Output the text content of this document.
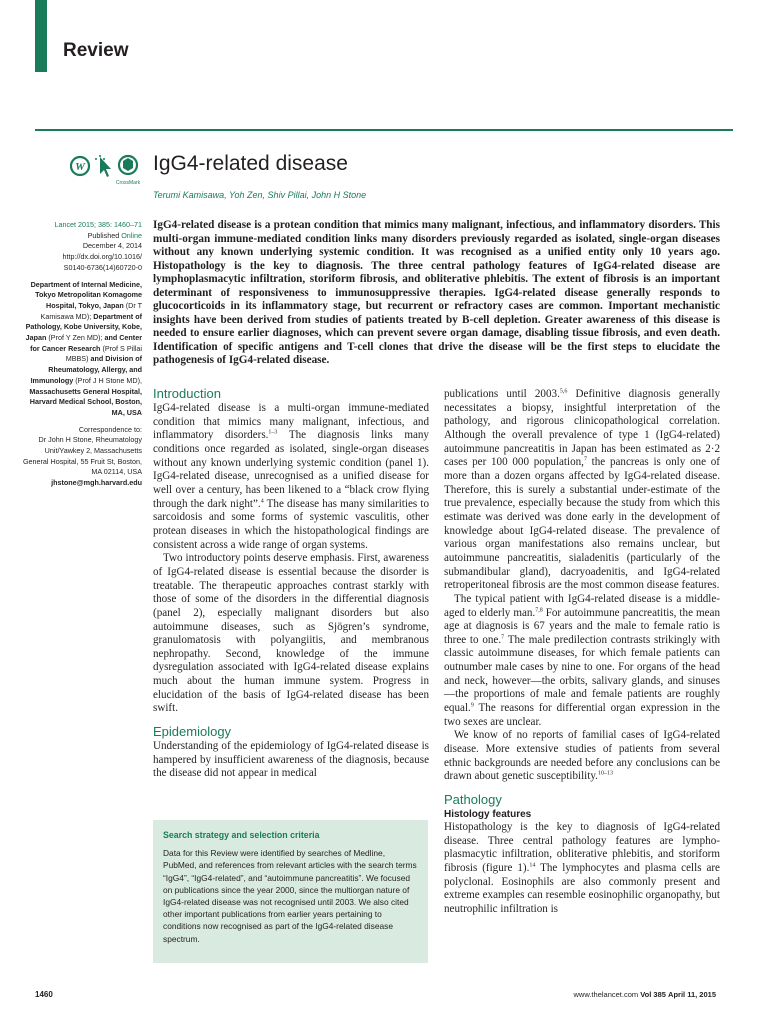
Review
W
CrossMark
IgG4-related disease
Terumi Kamisawa, Yoh Zen, Shiv Pillai, John H Stone

Lancet 2015; 385: 1460–71
Published Online
December 4, 2014
http://dx.doi.org/10.1016/
S0140-6736(14)60720-0

Department of Internal Medicine, Tokyo Metropolitan Komagome Hospital, Tokyo, Japan (Dr T Kamisawa MD); Department of Pathology, Kobe University, Kobe, Japan (Prof Y Zen MD); and Center for Cancer Research (Prof S Pillai MBBS) and Division of Rheumatology, Allergy, and Immunology (Prof J H Stone MD), Massachusetts General Hospital, Harvard Medical School, Boston, MA, USA

Correspondence to:
Dr John H Stone, Rheumatology Unit/Yawkey 2, Massachusetts General Hospital, 55 Fruit St, Boston, MA 02114, USA
jhstone@mgh.harvard.edu

IgG4-related disease is a protean condition that mimics many malignant, infectious, and inflammatory disorders. This multi-organ immune-mediated condition links many disorders previously regarded as isolated, single-organ diseases without any known underlying systemic condition. It was recognised as a unified entity only 10 years ago. Histopathology is the key to diagnosis. The three central pathology features of IgG4-related disease are lymphoplasmacytic infiltration, storiform fibrosis, and obliterative phlebitis. The extent of fibrosis is an important determinant of responsiveness to immunosuppressive therapies. IgG4-related disease generally responds to glucocorticoids in its inflammatory stage, but recurrent or refractory cases are common. Important mechanistic insights have been derived from studies of patients treated by B-cell depletion. Greater awareness of this disease is needed to ensure earlier diagnoses, which can prevent severe organ damage, disabling tissue fibrosis, and even death. Identification of specific antigens and T-cell clones that drive the disease will be the first steps to elucidate the pathogenesis of IgG4-related disease.

Introduction

IgG4-related disease is a multi-organ immune-mediated condition that mimics many malignant, infectious, and inflammatory disorders.$^{1-3}$ The diagnosis links many conditions once regarded as isolated, single-organ diseases without any known underlying systemic condition (panel 1). IgG4-related disease, unrecognised as a unified disease for well over a century, has been likened to a “black crow flying through the dark night”.$^4$ The disease has many similarities to sarcoidosis and some forms of systemic vasculitis, other protean diseases in which the histopathological findings are consistent across a wide range of organ systems.

Two introductory points deserve emphasis. First, awareness of IgG4-related disease is essential because the disorder is treatable. The therapeutic approaches contrast starkly with those of some of the disorders in the differential diagnosis (panel 2), especially malignant disorders but also autoimmune diseases, such as Sjögren’s syndrome, granulomatosis with polyangiitis, and membranous nephropathy. Second, knowledge of the immune dysregulation associated with IgG4-related disease explains much about the human immune system. Progress in elucidation of the basis of IgG4-related disease has been swift.

Epidemiology

Understanding of the epidemiology of IgG4-related disease is hampered by insufficient awareness of the diagnosis, because the disease did not appear in medical

Search strategy and selection criteria
Data for this Review were identified by searches of Medline, PubMed, and references from relevant articles with the search terms “IgG4”, “IgG4-related”, and “autoimmune pancreatitis”. We focused on publications since the year 2000, since the multiorgan nature of IgG4-related disease was not recognised until 2003. We also cited other important publications from earlier years pertaining to conditions now recognised as part of the IgG4-related disease spectrum.

publications until 2003.$^{5,6}$ Definitive diagnosis generally necessitates a biopsy, insightful interpretation of the pathology, and rigorous clinicopathological correlation. Although the overall prevalence of type 1 (IgG4-related) autoimmune pancreatitis in Japan has been estimated as 2·2 cases per 100 000 population,$^7$ the pancreas is only one of more than a dozen organs affected by IgG4-related disease. Therefore, this is surely a substantial under-estimate of the true prevalence, especially because the study from which this estimate was derived was done early in the development of knowledge about IgG4-related disease. The prevalence of various organ manifestations also remains unclear, but autoimmune pancreatitis, sialadenitis (particularly of the submandibular gland), dacryoadenitis, and IgG4-related retroperitoneal fibrosis are the most common disease features.

The typical patient with IgG4-related disease is a middle-aged to elderly man.$^{7,8}$ For autoimmune pancreatitis, the mean age at diagnosis is 67 years and the male to female ratio is three to one.$^7$ The male predilection contrasts strikingly with classic autoimmune diseases, for which female patients can outnumber male cases by nine to one. For organs of the head and neck, however—the orbits, salivary glands, and sinuses—the proportions of male and female patients are roughly equal.$^9$ The reasons for differential organ expression in the two sexes are unclear.

We know of no reports of familial cases of IgG4-related disease. More extensive studies of patients from several ethnic backgrounds are needed before any conclusions can be drawn about genetic susceptibility.$^{10-13}$

Pathology
Histology features

Histopathology is the key to diagnosis of IgG4-related disease. Three central pathology features are lympho-plasmacytic infiltration, obliterative phlebitis, and storiform fibrosis (figure 1).$^{14}$ The lymphocytes and plasma cells are polyclonal. Eosinophils are also commonly present and extreme examples can resemble eosinophilic organopathy, but neutrophilic infiltration is

1460	www.thelancet.com Vol 385 April 11, 2015
